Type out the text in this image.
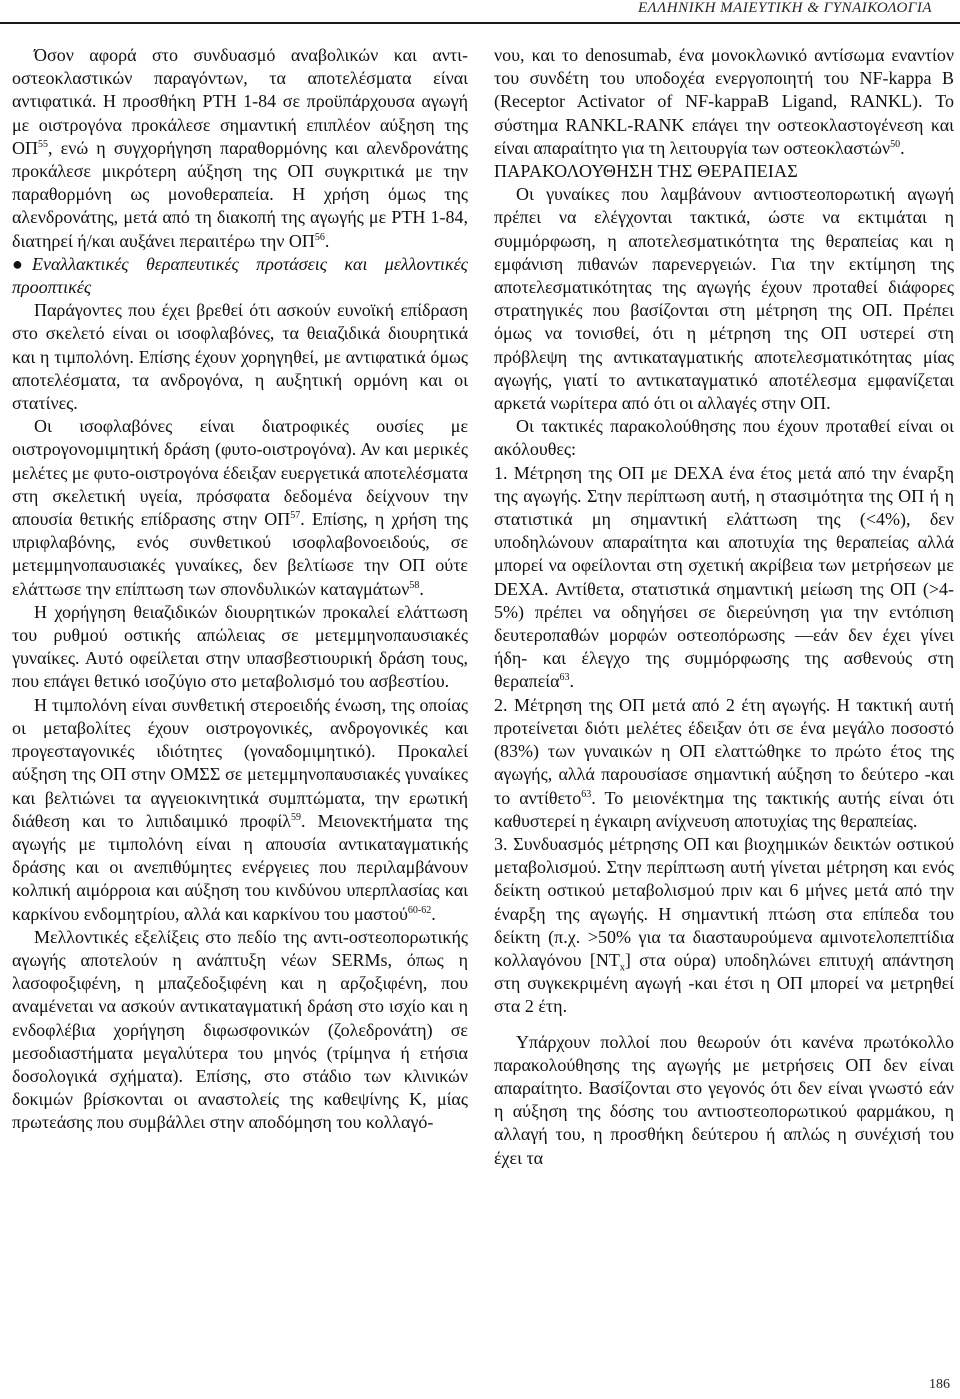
ΕΛΛΗΝΙΚΗ ΜΑΙΕΥΤΙΚΗ & ΓΥΝΑΙΚΟΛΟΓΙΑ

Όσον αφορά στο συνδυασμό αναβολικών και αντι-οστεοκλαστικών παραγόντων, τα αποτελέσματα είναι αντιφατικά. Η προσθήκη PTH 1-84 σε προϋπάρχουσα αγωγή με οιστρογόνα προκάλεσε σημαντική επιπλέον αύξηση της ΟΠ$^{55}$, ενώ η συγχορήγηση παραθορμόνης και αλενδρονάτης προκάλεσε μικρότερη αύξηση της ΟΠ συγκριτικά με την παραθορμόνη ως μονοθεραπεία. Η χρήση όμως της αλενδρονάτης, μετά από τη διακοπή της αγωγής με PTH 1-84, διατηρεί ή/και αυξάνει περαιτέρω την ΟΠ$^{56}$.

● Εναλλακτικές θεραπευτικές προτάσεις και μελλοντικές προοπτικές

Παράγοντες που έχει βρεθεί ότι ασκούν ευνοϊκή επίδραση στο σκελετό είναι οι ισοφλαβόνες, τα θειαζιδικά διουρητικά και η τιμπολόνη. Επίσης έχουν χορηγηθεί, με αντιφατικά όμως αποτελέσματα, τα ανδρογόνα, η αυξητική ορμόνη και οι στατίνες.

Οι ισοφλαβόνες είναι διατροφικές ουσίες με οιστρογονομιμητική δράση (φυτο-οιστρογόνα). Αν και μερικές μελέτες με φυτο-οιστρογόνα έδειξαν ευεργετικά αποτελέσματα στη σκελετική υγεία, πρόσφατα δεδομένα δείχνουν την απουσία θετικής επίδρασης στην ΟΠ$^{57}$. Επίσης, η χρήση της ιπριφλαβόνης, ενός συνθετικού ισοφλαβονοειδούς, σε μετεμμηνοπαυσιακές γυναίκες, δεν βελτίωσε την ΟΠ ούτε ελάττωσε την επίπτωση των σπονδυλικών καταγμάτων$^{58}$.

Η χορήγηση θειαζιδικών διουρητικών προκαλεί ελάττωση του ρυθμού οστικής απώλειας σε μετεμμηνοπαυσιακές γυναίκες. Αυτό οφείλεται στην υπασβεστιουρική δράση τους, που επάγει θετικό ισοζύγιο στο μεταβολισμό του ασβεστίου.

Η τιμπολόνη είναι συνθετική στεροειδής ένωση, της οποίας οι μεταβολίτες έχουν οιστρογονικές, ανδρογονικές και προγεσταγονικές ιδιότητες (γοναδομιμητικό). Προκαλεί αύξηση της ΟΠ στην ΟΜΣΣ σε μετεμμηνοπαυσιακές γυναίκες και βελτιώνει τα αγγειοκινητικά συμπτώματα, την ερωτική διάθεση και το λιπιδαιμικό προφίλ$^{59}$. Μειονεκτήματα της αγωγής με τιμπολόνη είναι η απουσία αντικαταγματικής δράσης και οι ανεπιθύμητες ενέργειες που περιλαμβάνουν κολπική αιμόρροια και αύξηση του κινδύνου υπερπλασίας και καρκίνου ενδομητρίου, αλλά και καρκίνου του μαστού$^{60-62}$.

Μελλοντικές εξελίξεις στο πεδίο της αντι-οστεοπορωτικής αγωγής αποτελούν η ανάπτυξη νέων SERMs, όπως η λασοφοξιφένη, η μπαζεδοξιφένη και η αρζοξιφένη, που αναμένεται να ασκούν αντικαταγματική δράση στο ισχίο και η ενδοφλέβια χορήγηση διφωσφονικών (ζολεδρονάτη) σε μεσοδιαστήματα μεγαλύτερα του μηνός (τρίμηνα ή ετήσια δοσολογικά σχήματα). Επίσης, στο στάδιο των κλινικών δοκιμών βρίσκονται οι αναστολείς της καθεψίνης Κ, μίας πρωτεάσης που συμβάλλει στην αποδόμηση του κολλαγό-

νου, και το denosumab, ένα μονοκλωνικό αντίσωμα εναντίον του συνδέτη του υποδοχέα ενεργοποιητή του NF-kappa B (Receptor Activator of NF-kappaB Ligand, RANKL). Το σύστημα RANKL-RANK επάγει την οστεοκλαστογένεση και είναι απαραίτητο για τη λειτουργία των οστεοκλαστών$^{50}$.

ΠΑΡΑΚΟΛΟΥΘΗΣΗ ΤΗΣ ΘΕΡΑΠΕΙΑΣ

Οι γυναίκες που λαμβάνουν αντιοστεοπορωτική αγωγή πρέπει να ελέγχονται τακτικά, ώστε να εκτιμάται η συμμόρφωση, η αποτελεσματικότητα της θεραπείας και η εμφάνιση πιθανών παρενεργειών. Για την εκτίμηση της αποτελεσματικότητας της αγωγής έχουν προταθεί διάφορες στρατηγικές που βασίζονται στη μέτρηση της ΟΠ. Πρέπει όμως να τονισθεί, ότι η μέτρηση της ΟΠ υστερεί στη πρόβλεψη της αντικαταγματικής αποτελεσματικότητας μίας αγωγής, γιατί το αντικαταγματικό αποτέλεσμα εμφανίζεται αρκετά νωρίτερα από ότι οι αλλαγές στην ΟΠ.

Οι τακτικές παρακολούθησης που έχουν προταθεί είναι οι ακόλουθες:

1. Μέτρηση της ΟΠ με DEXA ένα έτος μετά από την έναρξη της αγωγής. Στην περίπτωση αυτή, η στασιμότητα της ΟΠ ή η στατιστικά μη σημαντική ελάττωση της (<4%), δεν υποδηλώνουν απαραίτητα και αποτυχία της θεραπείας αλλά μπορεί να οφείλονται στη σχετική ακρίβεια των μετρήσεων με DEXA. Αντίθετα, στατιστικά σημαντική μείωση της ΟΠ (>4-5%) πρέπει να οδηγήσει σε διερεύνηση για την εντόπιση δευτεροπαθών μορφών οστεοπόρωσης —εάν δεν έχει γίνει ήδη- και έλεγχο της συμμόρφωσης της ασθενούς στη θεραπεία$^{63}$.

2. Μέτρηση της ΟΠ μετά από 2 έτη αγωγής. Η τακτική αυτή προτείνεται διότι μελέτες έδειξαν ότι σε ένα μεγάλο ποσοστό (83%) των γυναικών η ΟΠ ελαττώθηκε το πρώτο έτος της αγωγής, αλλά παρουσίασε σημαντική αύξηση το δεύτερο -και το αντίθετο$^{63}$. Το μειονέκτημα της τακτικής αυτής είναι ότι καθυστερεί η έγκαιρη ανίχνευση αποτυχίας της θεραπείας.

3. Συνδυασμός μέτρησης ΟΠ και βιοχημικών δεικτών οστικού μεταβολισμού. Στην περίπτωση αυτή γίνεται μέτρηση και ενός δείκτη οστικού μεταβολισμού πριν και 6 μήνες μετά από την έναρξη της αγωγής. Η σημαντική πτώση στα επίπεδα του δείκτη (π.χ. >50% για τα διασταυρούμενα αμινοτελοπεπτίδια κολλαγόνου $[NT_x]$ στα ούρα) υποδηλώνει επιτυχή απάντηση στη συγκεκριμένη αγωγή -και έτσι η ΟΠ μπορεί να μετρηθεί στα 2 έτη.

Υπάρχουν πολλοί που θεωρούν ότι κανένα πρωτόκολλο παρακολούθησης της αγωγής με μετρήσεις ΟΠ δεν είναι απαραίτητο. Βασίζονται στο γεγονός ότι δεν είναι γνωστό εάν η αύξηση της δόσης του αντιοστεοπορωτικού φαρμάκου, η αλλαγή του, η προσθήκη δεύτερου ή απλώς η συνέχισή του έχει τα

186
